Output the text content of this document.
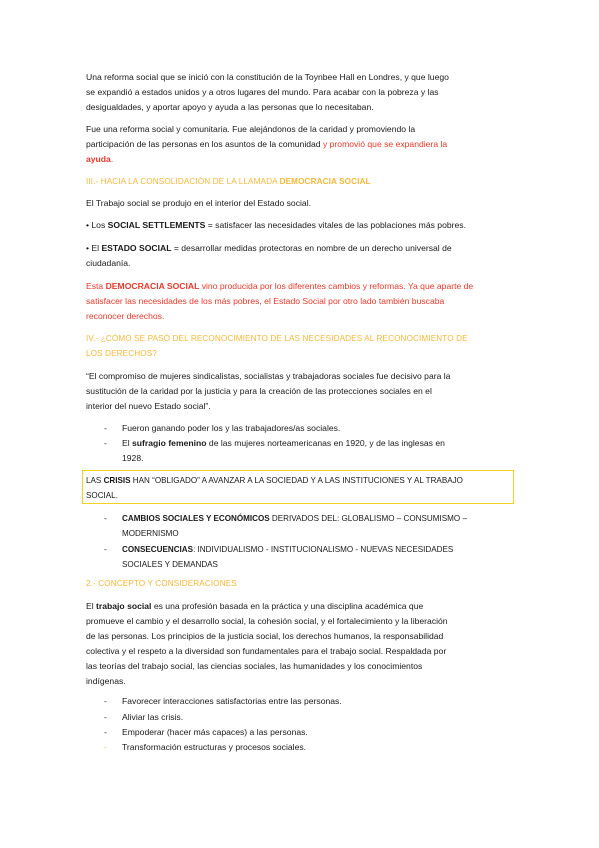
Una reforma social que se inició con la constitución de la Toynbee Hall en Londres, y que luego

se expandió a estados unidos y a otros lugares del mundo. Para acabar con la pobreza y las

desigualdades, y aportar apoyo y ayuda a las personas que lo necesitaban.

Fue una reforma social y comunitaria. Fue alejándonos de la caridad y promoviendo la

participación de las personas en los asuntos de la comunidad y promovió que se expandiera la

ayuda.

III.- HACIA LA CONSOLIDACIÓN DE LA LLAMADA DEMOCRACIA SOCIAL

El Trabajo social se produjo en el interior del Estado social.

• Los SOCIAL SETTLEMENTS = satisfacer las necesidades vitales de las poblaciones más pobres.

• El ESTADO SOCIAL = desarrollar medidas protectoras en nombre de un derecho universal de

ciudadanía.

Esta DEMOCRACIA SOCIAL vino producida por los diferentes cambios y reformas. Ya que aparte de

satisfacer las necesidades de los más pobres, el Estado Social por otro lado también buscaba

reconocer derechos.

IV.- ¿CÓMO SE PASÓ DEL RECONOCIMIENTO DE LAS NECESIDADES AL RECONOCIMIENTO DE

LOS DERECHOS?

“El compromiso de mujeres sindicalistas, socialistas y trabajadoras sociales fue decisivo para la

sustitución de la caridad por la justicia y para la creación de las protecciones sociales en el

interior del nuevo Estado social”.

-	Fueron ganando poder los y las trabajadores/as sociales.
-	El sufragio femenino de las mujeres norteamericanas en 1920, y de las inglesas en
1928.

LAS CRISIS HAN “OBLIGADO” A AVANZAR A LA SOCIEDAD Y A LAS INSTITUCIONES Y AL TRABAJO

SOCIAL.

-	CAMBIOS SOCIALES Y ECONÓMICOS DERIVADOS DEL: GLOBALISMO – CONSUMISMO –
MODERNISMO
-	CONSECUENCIAS: INDIVIDUALISMO - INSTITUCIONALISMO - NUEVAS NECESIDADES
SOCIALES Y DEMANDAS

2.- CONCEPTO Y CONSIDERACIONES

El trabajo social es una profesión basada en la práctica y una disciplina académica que

promueve el cambio y el desarrollo social, la cohesión social, y el fortalecimiento y la liberación

de las personas. Los principios de la justicia social, los derechos humanos, la responsabilidad

colectiva y el respeto a la diversidad son fundamentales para el trabajo social. Respaldada por

las teorías del trabajo social, las ciencias sociales, las humanidades y los conocimientos

indígenas.

-	Favorecer interacciones satisfactorias entre las personas.
-	Aliviar las crisis.
-	Empoderar (hacer más capaces) a las personas.
-	Transformación estructuras y procesos sociales.
